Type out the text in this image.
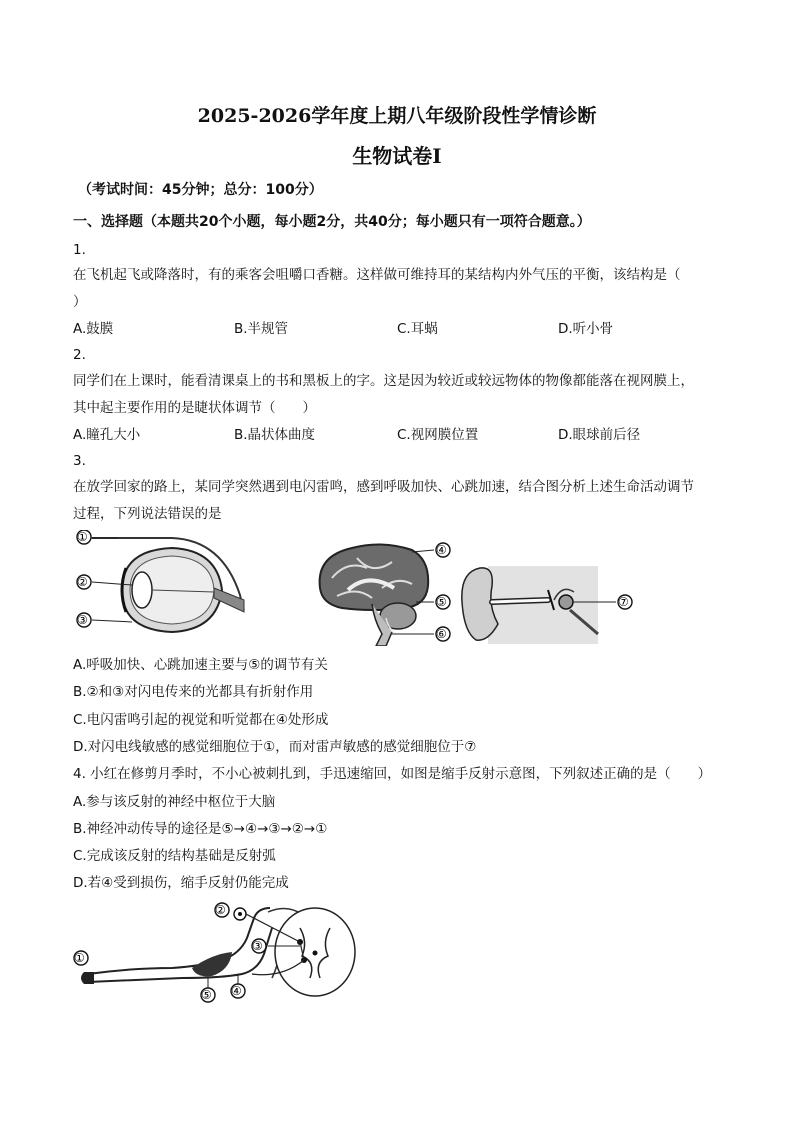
2025-2026学年度上期八年级阶段性学情诊断
生物试卷Ⅰ
（考试时间：45分钟；总分：100分）
一、选择题（本题共20个小题，每小题2分，共40分；每小题只有一项符合题意。）
1.
在飞机起飞或降落时，有的乘客会咀嚼口香糖。这样做可维持耳的某结构内外气压的平衡，该结构是（
）
A.鼓膜	B.半规管	C.耳蜗	D.听小骨
2.
同学们在上课时，能看清课桌上的书和黑板上的字。这是因为较近或较远物体的物像都能落在视网膜上，
其中起主要作用的是睫状体调节（　　）
A.瞳孔大小	B.晶状体曲度	C.视网膜位置	D.眼球前后径
3.
在放学回家的路上，某同学突然遇到电闪雷鸣，感到呼吸加快、心跳加速，结合图分析上述生命活动调节
过程，下列说法错误的是
①
②
③
④
⑤
⑥
⑦
A.呼吸加快、心跳加速主要与⑤的调节有关
B.②和③对闪电传来的光都具有折射作用
C.电闪雷鸣引起的视觉和听觉都在④处形成
D.对闪电线敏感的感觉细胞位于①，而对雷声敏感的感觉细胞位于⑦
4. 小红在修剪月季时，不小心被刺扎到，手迅速缩回，如图是缩手反射示意图，下列叙述正确的是（　　）
A.参与该反射的神经中枢位于大脑
B.神经冲动传导的途径是⑤→④→③→②→①
C.完成该反射的结构基础是反射弧
D.若④受到损伤，缩手反射仍能完成
②
③
①
⑤ ④
